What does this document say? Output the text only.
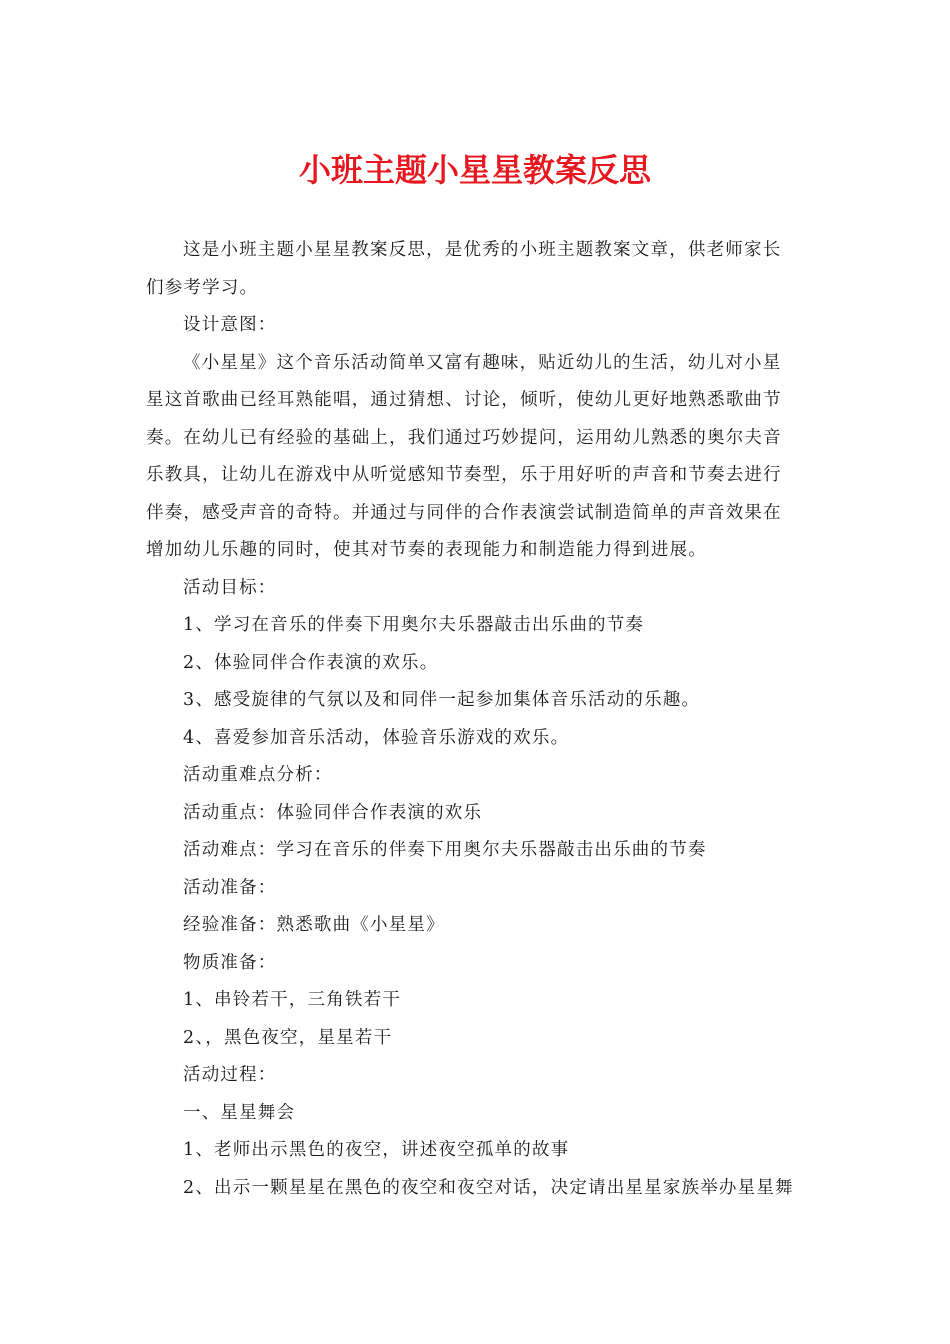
小班主题小星星教案反思

这是小班主题小星星教案反思，是优秀的小班主题教案文章，供老师家长
们参考学习。

设计意图：

《小星星》这个音乐活动简单又富有趣味，贴近幼儿的生活，幼儿对小星
星这首歌曲已经耳熟能唱，通过猜想、讨论，倾听，使幼儿更好地熟悉歌曲节
奏。在幼儿已有经验的基础上，我们通过巧妙提问，运用幼儿熟悉的奥尔夫音
乐教具，让幼儿在游戏中从听觉感知节奏型，乐于用好听的声音和节奏去进行
伴奏，感受声音的奇特。并通过与同伴的合作表演尝试制造简单的声音效果在
增加幼儿乐趣的同时，使其对节奏的表现能力和制造能力得到进展。

活动目标：

1、学习在音乐的伴奏下用奥尔夫乐器敲击出乐曲的节奏

2、体验同伴合作表演的欢乐。

3、感受旋律的气氛以及和同伴一起参加集体音乐活动的乐趣。

4、喜爱参加音乐活动，体验音乐游戏的欢乐。

活动重难点分析：

活动重点：体验同伴合作表演的欢乐

活动难点：学习在音乐的伴奏下用奥尔夫乐器敲击出乐曲的节奏

活动准备：

经验准备：熟悉歌曲《小星星》

物质准备：

1、串铃若干，三角铁若干

2、，黑色夜空，星星若干

活动过程：

一、星星舞会

1、老师出示黑色的夜空，讲述夜空孤单的故事

2、出示一颗星星在黑色的夜空和夜空对话，决定请出星星家族举办星星舞
